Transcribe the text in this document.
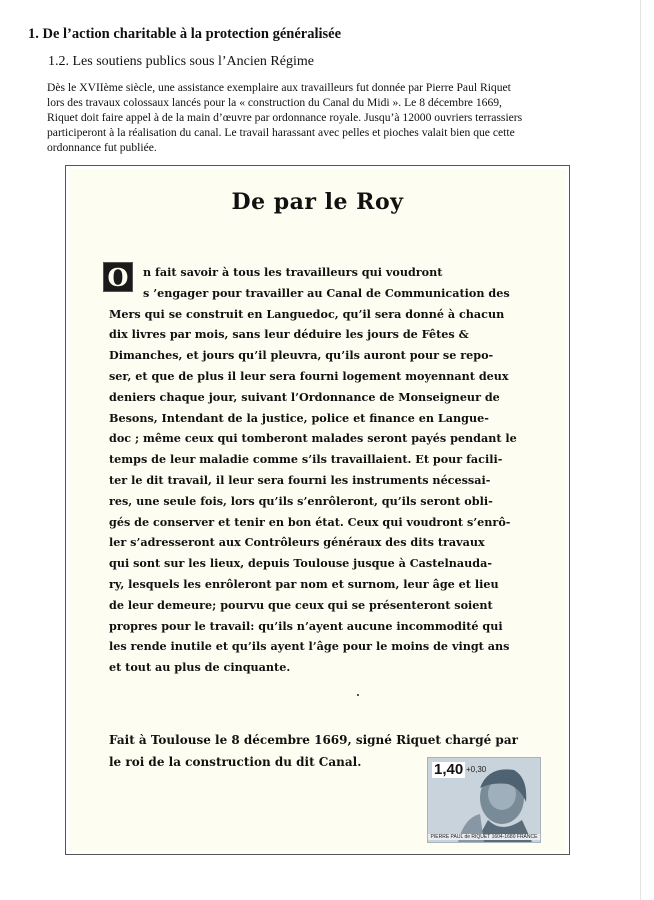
1. De l’action charitable à la protection généralisée
1.2. Les soutiens publics sous l’Ancien Régime
Dès le XVIIème siècle, une assistance exemplaire aux travailleurs fut donnée par Pierre Paul Riquet
lors des travaux colossaux lancés pour la « construction du Canal du Midi ». Le 8 décembre 1669,
Riquet doit faire appel à de la main d’œuvre par ordonnance royale. Jusqu’à 12000 ouvriers terrassiers
participeront à la réalisation du canal. Le travail harassant avec pelles et pioches valait bien que cette
ordonnance fut publiée.
De par le Roy
O	n fait savoir à tous les travailleurs qui voudront
s ’engager pour travailler au Canal de Communication des
Mers qui se construit en Languedoc, qu’il sera donné à chacun
dix livres par mois, sans leur déduire les jours de Fêtes &
Dimanches, et jours qu’il pleuvra, qu’ils auront pour se repo-
ser, et que de plus il leur sera fourni logement moyennant deux
deniers chaque jour, suivant l’Ordonnance de Monseigneur de
Besons, Intendant de la justice, police et finance en Langue-
doc ; même ceux qui tomberont malades seront payés pendant le
temps de leur maladie comme s’ils travaillaient. Et pour facili-
ter le dit travail, il leur sera fourni les instruments nécessai-
res, une seule fois, lors qu’ils s’enrôleront, qu’ils seront obli-
gés de conserver et tenir en bon état. Ceux qui voudront s’enrô-
ler s’adresseront aux Contrôleurs généraux des dits travaux
qui sont sur les lieux, depuis Toulouse jusque à Castelnauda-
ry, lesquels les enrôleront par nom et surnom, leur âge et lieu
de leur demeure; pourvu que ceux qui se présenteront soient
propres pour le travail: qu’ils n’ayent aucune incommodité qui
les rende inutile et qu’ils ayent l’âge pour le moins de vingt ans
et tout au plus de cinquante.
Fait à Toulouse le 8 décembre 1669, signé Riquet chargé par
le roi de la construction du dit Canal.	1,40 +0,30
PIERRE PAUL de RIQUET 1604-1680 FRANCE
